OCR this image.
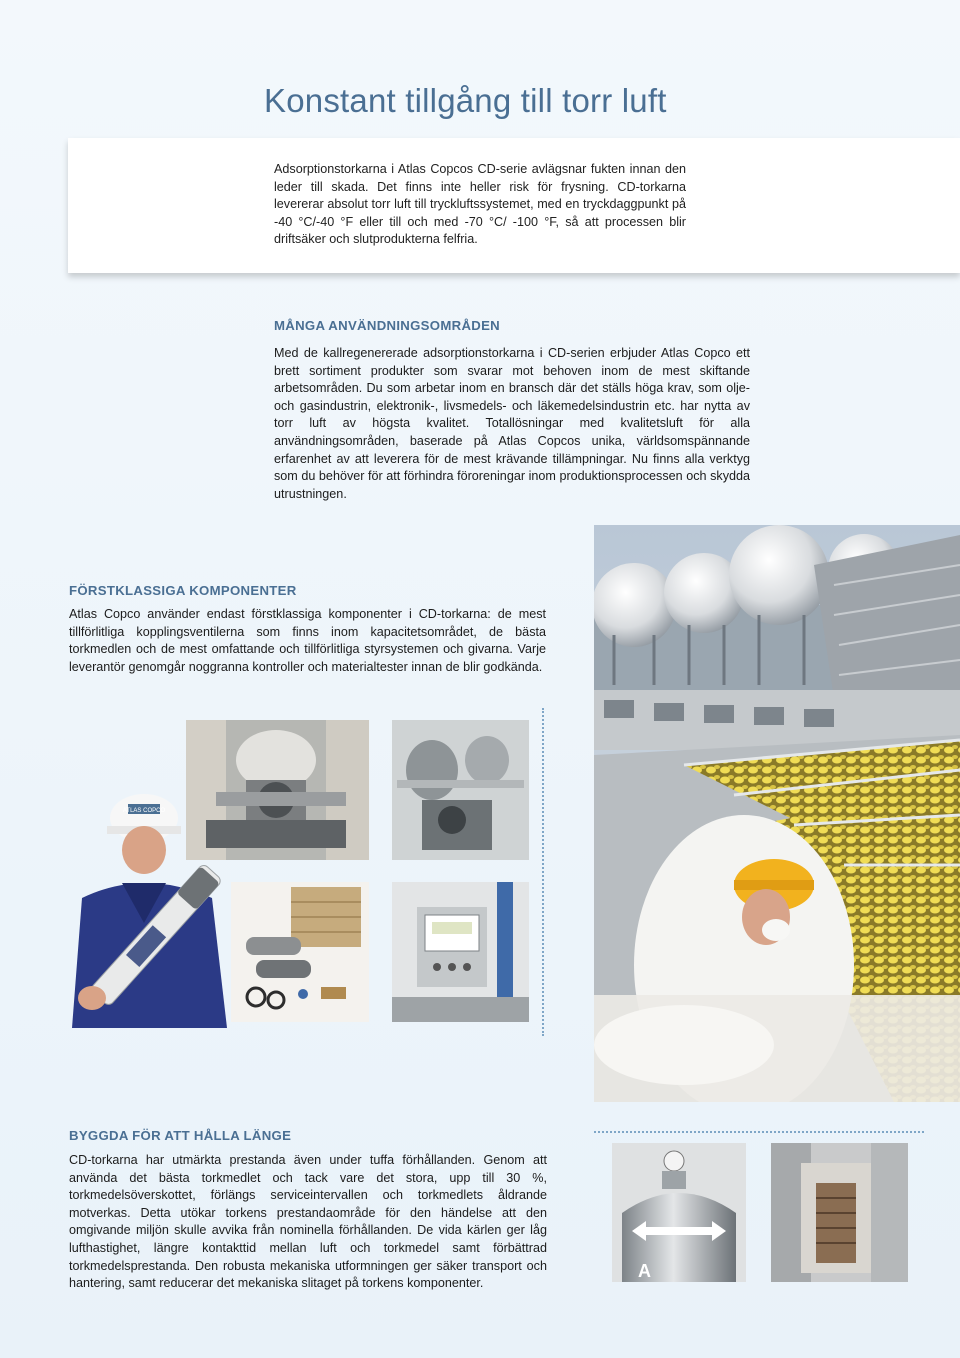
Konstant tillgång till torr luft

Adsorptionstorkarna i Atlas Copcos CD-serie avlägsnar fukten innan den leder till skada. Det finns inte heller risk för frysning. CD-torkarna levererar absolut torr luft till tryckluftssystemet, med en tryckdaggpunkt på -40 °C/-40 °F eller till och med -70 °C/ -100 °F, så att processen blir driftsäker och slutprodukterna felfria.

MÅNGA ANVÄNDNINGSOMRÅDEN

Med de kallregenererade adsorptionstorkarna i CD-serien erbjuder Atlas Copco ett brett sortiment produkter som svarar mot behoven inom de mest skiftande arbetsområden. Du som arbetar inom en bransch där det ställs höga krav, som olje- och gasindustrin, elektronik-, livsmedels- och läkemedelsindustrin etc. har nytta av torr luft av högsta kvalitet. Totallösningar med kvalitetsluft för alla användningsområden, baserade på Atlas Copcos unika, världsomspännande erfarenhet av att leverera för de mest krävande tillämpningar. Nu finns alla verktyg som du behöver för att förhindra föroreningar inom produktionsprocessen och skydda utrustningen.

FÖRSTKLASSIGA KOMPONENTER

Atlas Copco använder endast förstklassiga komponenter i CD-torkarna: de mest tillförlitliga kopplingsventilerna som finns inom kapacitetsområdet, de bästa torkmedlen och de mest omfattande och tillförlitliga styrsystemen och givarna. Varje leverantör genomgår noggranna kontroller och materialtester innan de blir godkända.

BYGGDA FÖR ATT HÅLLA LÄNGE

CD-torkarna har utmärkta prestanda även under tuffa förhållanden. Genom att använda det bästa torkmedlet och tack vare det stora, upp till 30 %, torkmedelsöverskottet, förlängs serviceintervallen och torkmedlets åldrande motverkas. Detta utökar torkens prestandaområde för den händelse att den omgivande miljön skulle avvika från nominella förhållanden. De vida kärlen ger låg lufthastighet, längre kontakttid mellan luft och torkmedel samt förbättrad torkmedelsprestanda. Den robusta mekaniska utformningen ger säker transport och hantering, samt reducerar det mekaniska slitaget på torkens komponenter.

ATLAS COPCO
A
